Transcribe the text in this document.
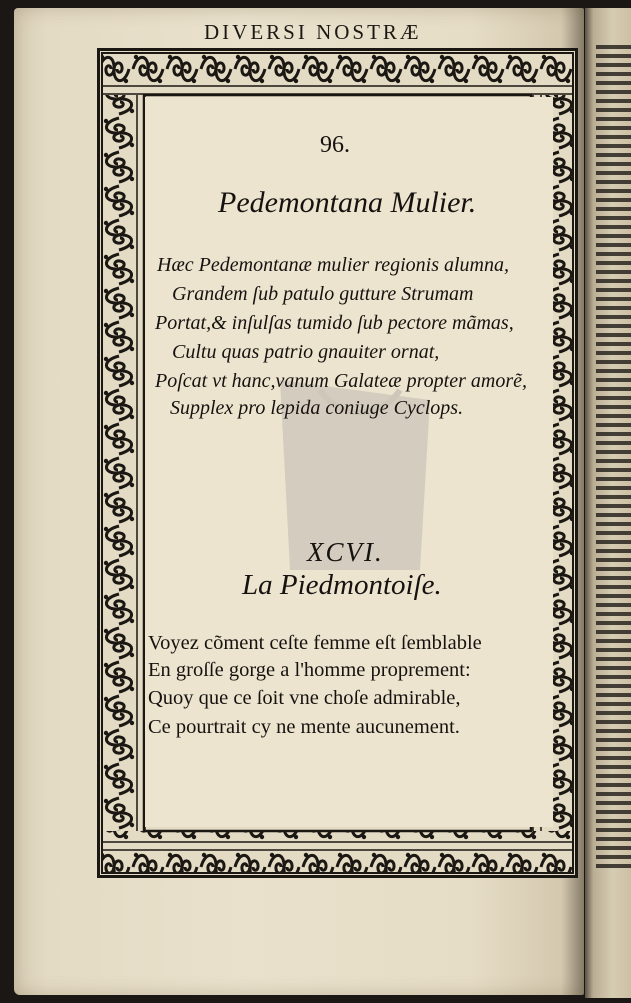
DIVERSI NOSTRÆ
96.
Pedemontana Mulier.
Hæc Pedemontanæ mulier regionis alumna,
Grandem ſub patulo gutture Strumam
Portat,& inſulſas tumido ſub pectore mãmas,
Cultu quas patrio gnauiter ornat,
Poſcat vt hanc,vanum Galateæ propter amorẽ,
Supplex pro lepida coniuge Cyclops.
XCVI.
La Piedmontoiſe.
Voyez cõment ceſte femme eſt ſemblable
En groſſe gorge a l'homme proprement:
Quoy que ce ſoit vne choſe admirable,
Ce pourtrait cy ne mente aucunement.
